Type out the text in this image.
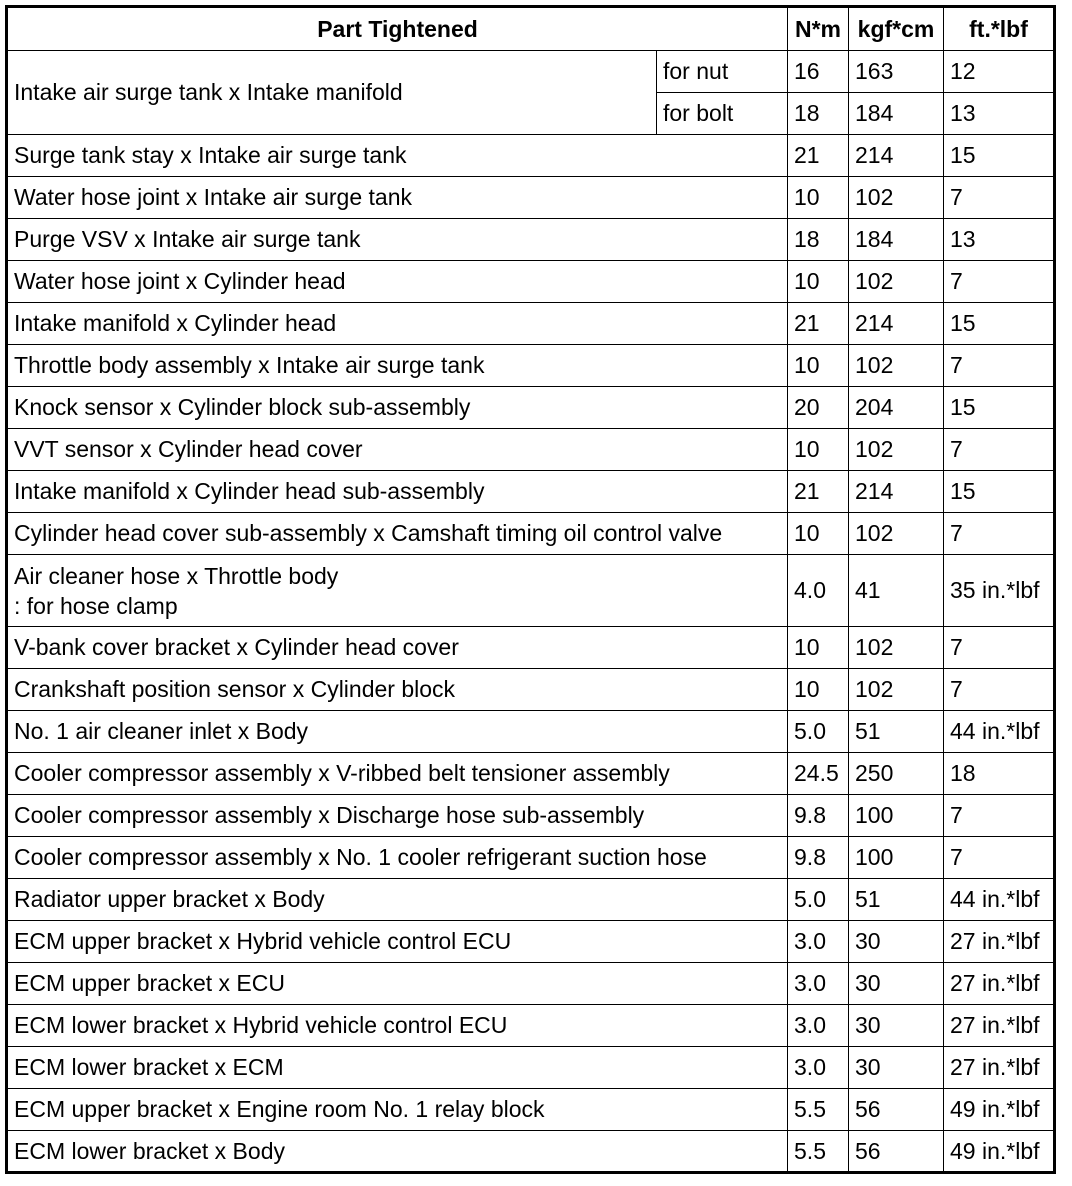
Part Tightened		N*m	kgf*cm	ft.*lbf
Intake air surge tank x Intake manifold	for nut	16	163	12
	for bolt	18	184	13
Surge tank stay x Intake air surge tank		21	214	15
Water hose joint x Intake air surge tank		10	102	7
Purge VSV x Intake air surge tank		18	184	13
Water hose joint x Cylinder head		10	102	7
Intake manifold x Cylinder head		21	214	15
Throttle body assembly x Intake air surge tank		10	102	7
Knock sensor x Cylinder block sub-assembly		20	204	15
VVT sensor x Cylinder head cover		10	102	7
Intake manifold x Cylinder head sub-assembly		21	214	15
Cylinder head cover sub-assembly x Camshaft timing oil control valve		10	102	7

Air cleaner hose x Throttle body
: for hose clamp		4.0	41	35 in.*lbf
V-bank cover bracket x Cylinder head cover		10	102	7
Crankshaft position sensor x Cylinder block		10	102	7
No. 1 air cleaner inlet x Body		5.0	51	44 in.*lbf
Cooler compressor assembly x V-ribbed belt tensioner assembly		24.5	250	18
Cooler compressor assembly x Discharge hose sub-assembly		9.8	100	7
Cooler compressor assembly x No. 1 cooler refrigerant suction hose		9.8	100	7
Radiator upper bracket x Body		5.0	51	44 in.*lbf
ECM upper bracket x Hybrid vehicle control ECU		3.0	30	27 in.*lbf
ECM upper bracket x ECU		3.0	30	27 in.*lbf
ECM lower bracket x Hybrid vehicle control ECU		3.0	30	27 in.*lbf
ECM lower bracket x ECM		3.0	30	27 in.*lbf
ECM upper bracket x Engine room No. 1 relay block		5.5	56	49 in.*lbf
ECM lower bracket x Body		5.5	56	49 in.*lbf
